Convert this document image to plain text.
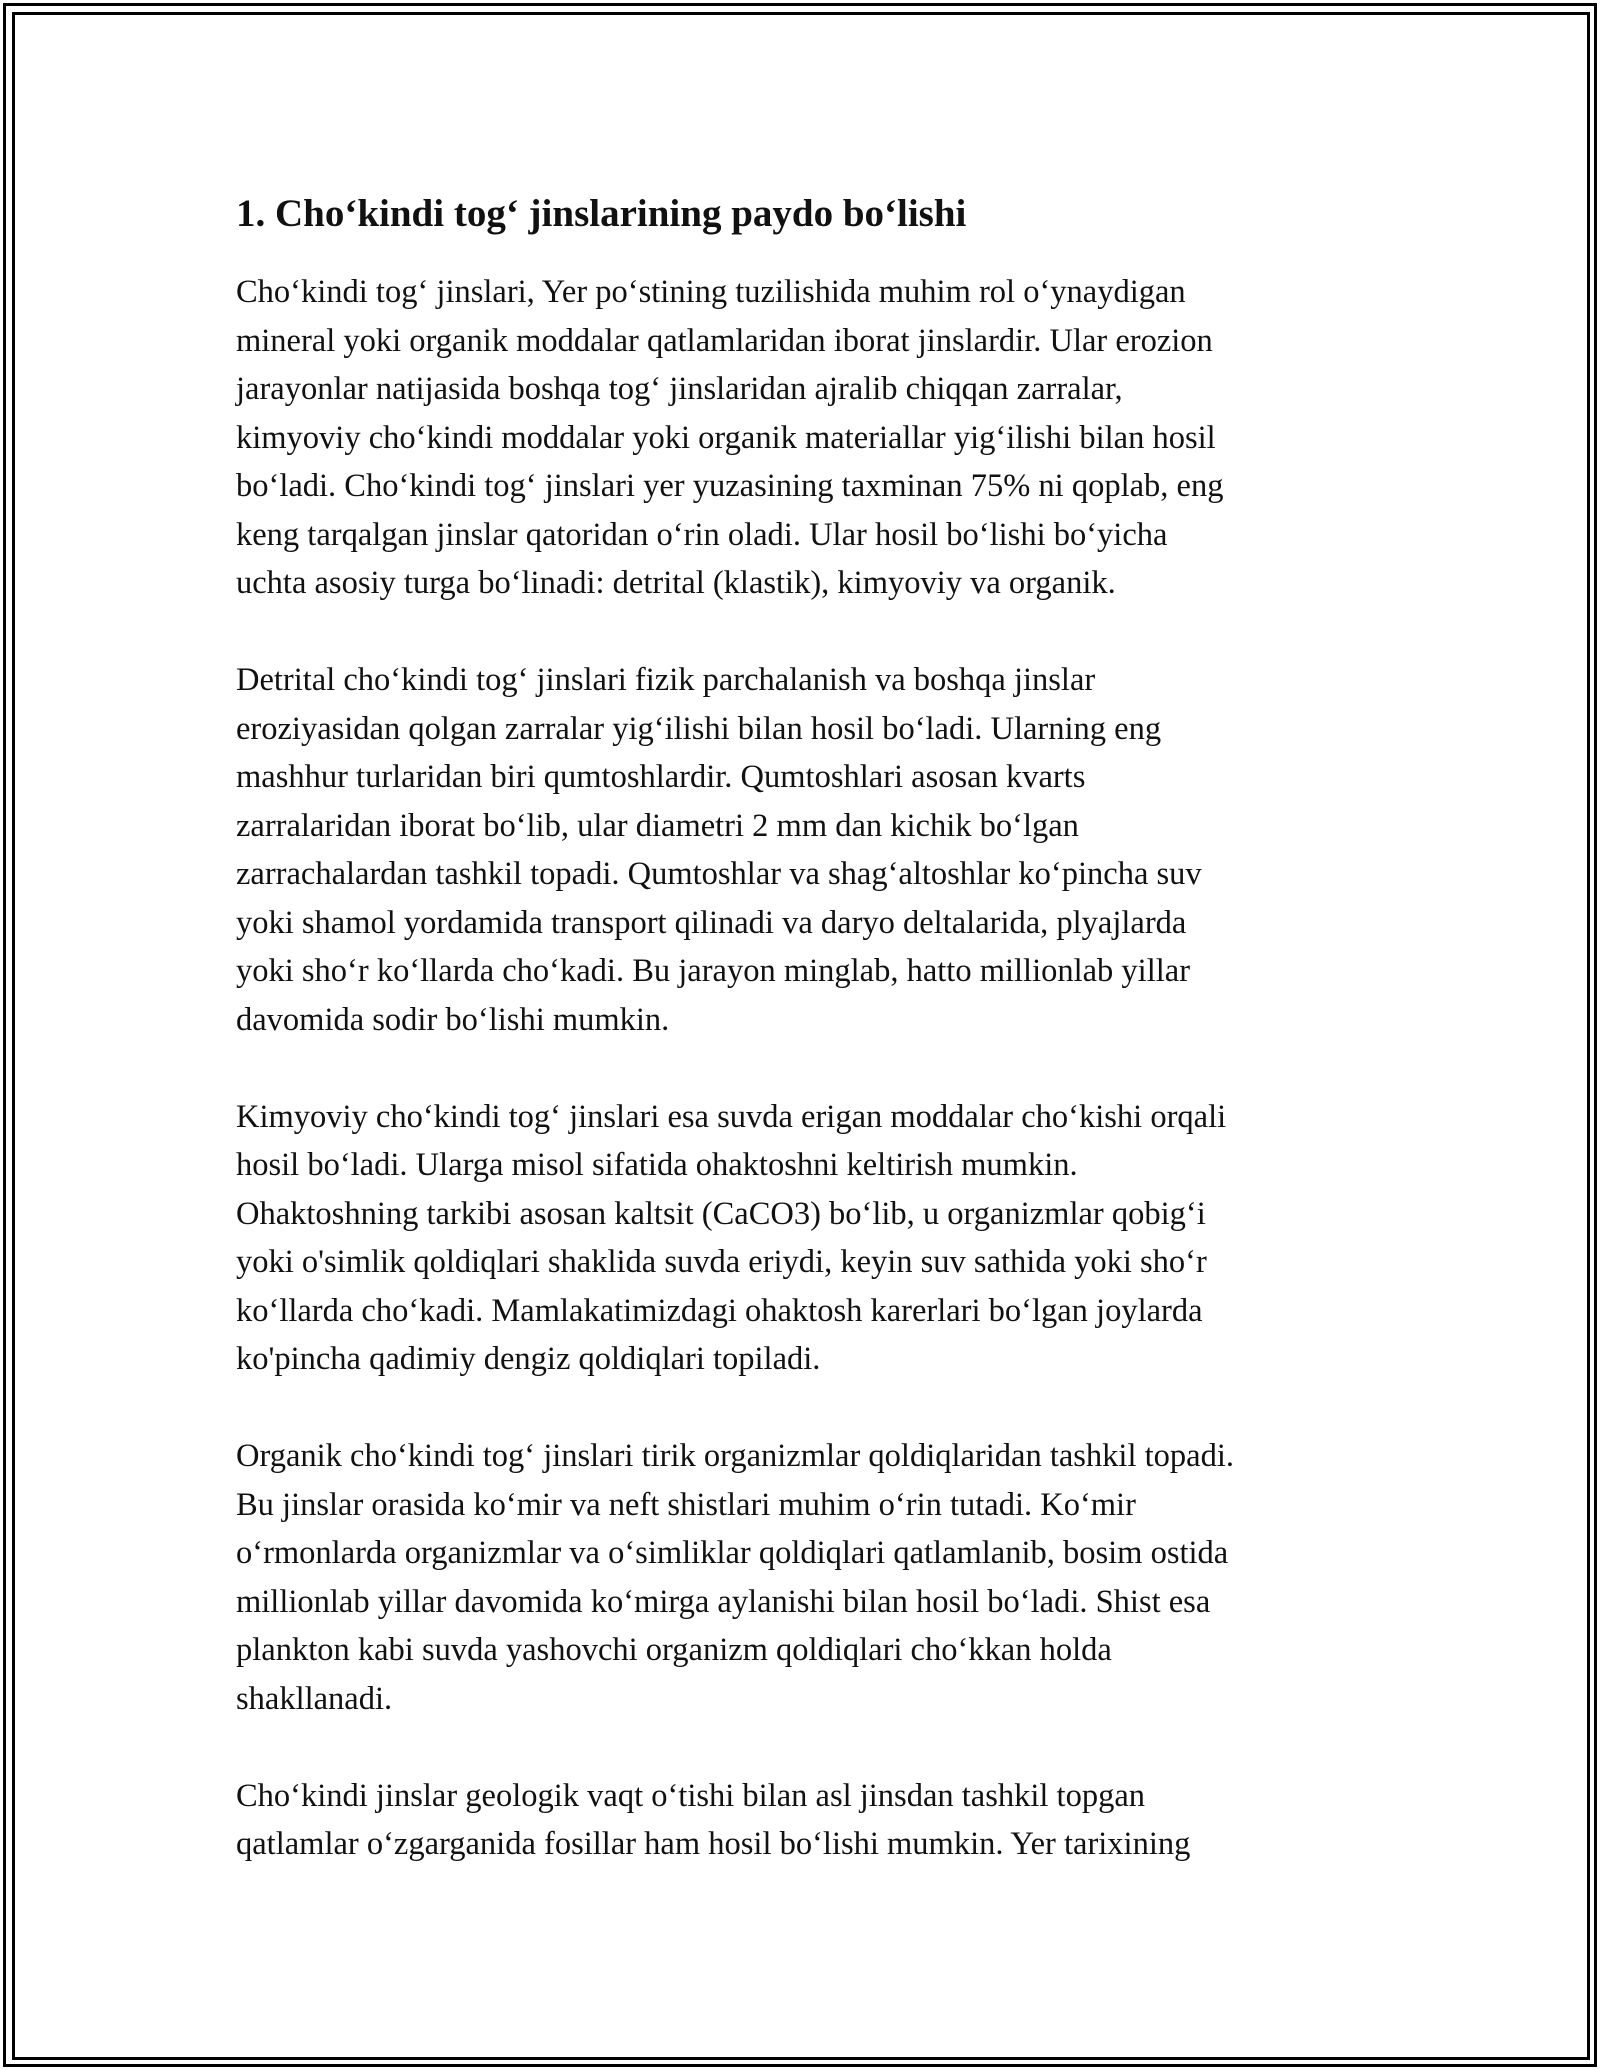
1. Cho‘kindi tog‘ jinslarining paydo bo‘lishi

Cho‘kindi tog‘ jinslari, Yer po‘stining tuzilishida muhim rol o‘ynaydigan
mineral yoki organik moddalar qatlamlaridan iborat jinslardir. Ular erozion
jarayonlar natijasida boshqa tog‘ jinslaridan ajralib chiqqan zarralar,
kimyoviy cho‘kindi moddalar yoki organik materiallar yig‘ilishi bilan hosil
bo‘ladi. Cho‘kindi tog‘ jinslari yer yuzasining taxminan 75% ni qoplab, eng
keng tarqalgan jinslar qatoridan o‘rin oladi. Ular hosil bo‘lishi bo‘yicha
uchta asosiy turga bo‘linadi: detrital (klastik), kimyoviy va organik.

Detrital cho‘kindi tog‘ jinslari fizik parchalanish va boshqa jinslar
eroziyasidan qolgan zarralar yig‘ilishi bilan hosil bo‘ladi. Ularning eng
mashhur turlaridan biri qumtoshlardir. Qumtoshlari asosan kvarts
zarralaridan iborat bo‘lib, ular diametri 2 mm dan kichik bo‘lgan
zarrachalardan tashkil topadi. Qumtoshlar va shag‘altoshlar ko‘pincha suv
yoki shamol yordamida transport qilinadi va daryo deltalarida, plyajlarda
yoki sho‘r ko‘llarda cho‘kadi. Bu jarayon minglab, hatto millionlab yillar
davomida sodir bo‘lishi mumkin.

Kimyoviy cho‘kindi tog‘ jinslari esa suvda erigan moddalar cho‘kishi orqali
hosil bo‘ladi. Ularga misol sifatida ohaktoshni keltirish mumkin.
Ohaktoshning tarkibi asosan kaltsit (CaCO3) bo‘lib, u organizmlar qobig‘i
yoki o'simlik qoldiqlari shaklida suvda eriydi, keyin suv sathida yoki sho‘r
ko‘llarda cho‘kadi. Mamlakatimizdagi ohaktosh karerlari bo‘lgan joylarda
ko'pincha qadimiy dengiz qoldiqlari topiladi.

Organik cho‘kindi tog‘ jinslari tirik organizmlar qoldiqlaridan tashkil topadi.
Bu jinslar orasida ko‘mir va neft shistlari muhim o‘rin tutadi. Ko‘mir
o‘rmonlarda organizmlar va o‘simliklar qoldiqlari qatlamlanib, bosim ostida
millionlab yillar davomida ko‘mirga aylanishi bilan hosil bo‘ladi. Shist esa
plankton kabi suvda yashovchi organizm qoldiqlari cho‘kkan holda
shakllanadi.

Cho‘kindi jinslar geologik vaqt o‘tishi bilan asl jinsdan tashkil topgan
qatlamlar o‘zgarganida fosillar ham hosil bo‘lishi mumkin. Yer tarixining
